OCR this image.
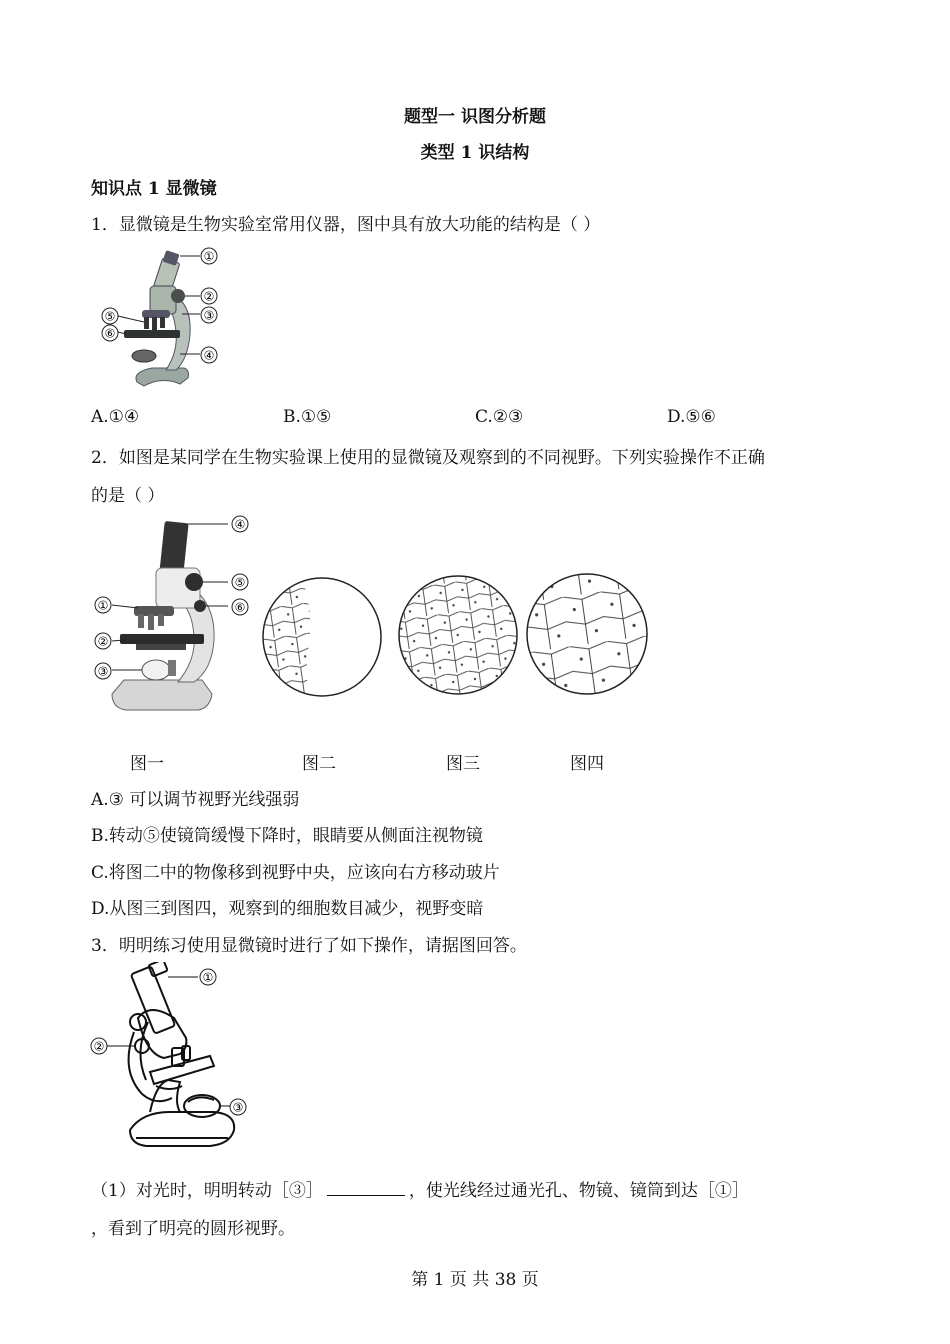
题型一 识图分析题
类型 1 识结构
知识点 1 显微镜
1．显微镜是生物实验室常用仪器，图中具有放大功能的结构是（ ）
①
②
③
④
⑤
⑥
A.①④	B.①⑤	C.②③	D.⑤⑥
2．如图是某同学在生物实验课上使用的显微镜及观察到的不同视野。下列实验操作不正确
的是（ ）
④
⑤
⑥
①
②
③
图一	图二	图三	图四
A.③ 可以调节视野光线强弱
B.转动⑤使镜筒缓慢下降时，眼睛要从侧面注视物镜
C.将图二中的物像移到视野中央，应该向右方移动玻片
D.从图三到图四，观察到的细胞数目减少，视野变暗
3．明明练习使用显微镜时进行了如下操作，请据图回答。
①
②
③
（1）对光时，明明转动［③］	，使光线经过通光孔、物镜、镜筒到达［①］
，看到了明亮的圆形视野。
第 1 页 共 38 页
